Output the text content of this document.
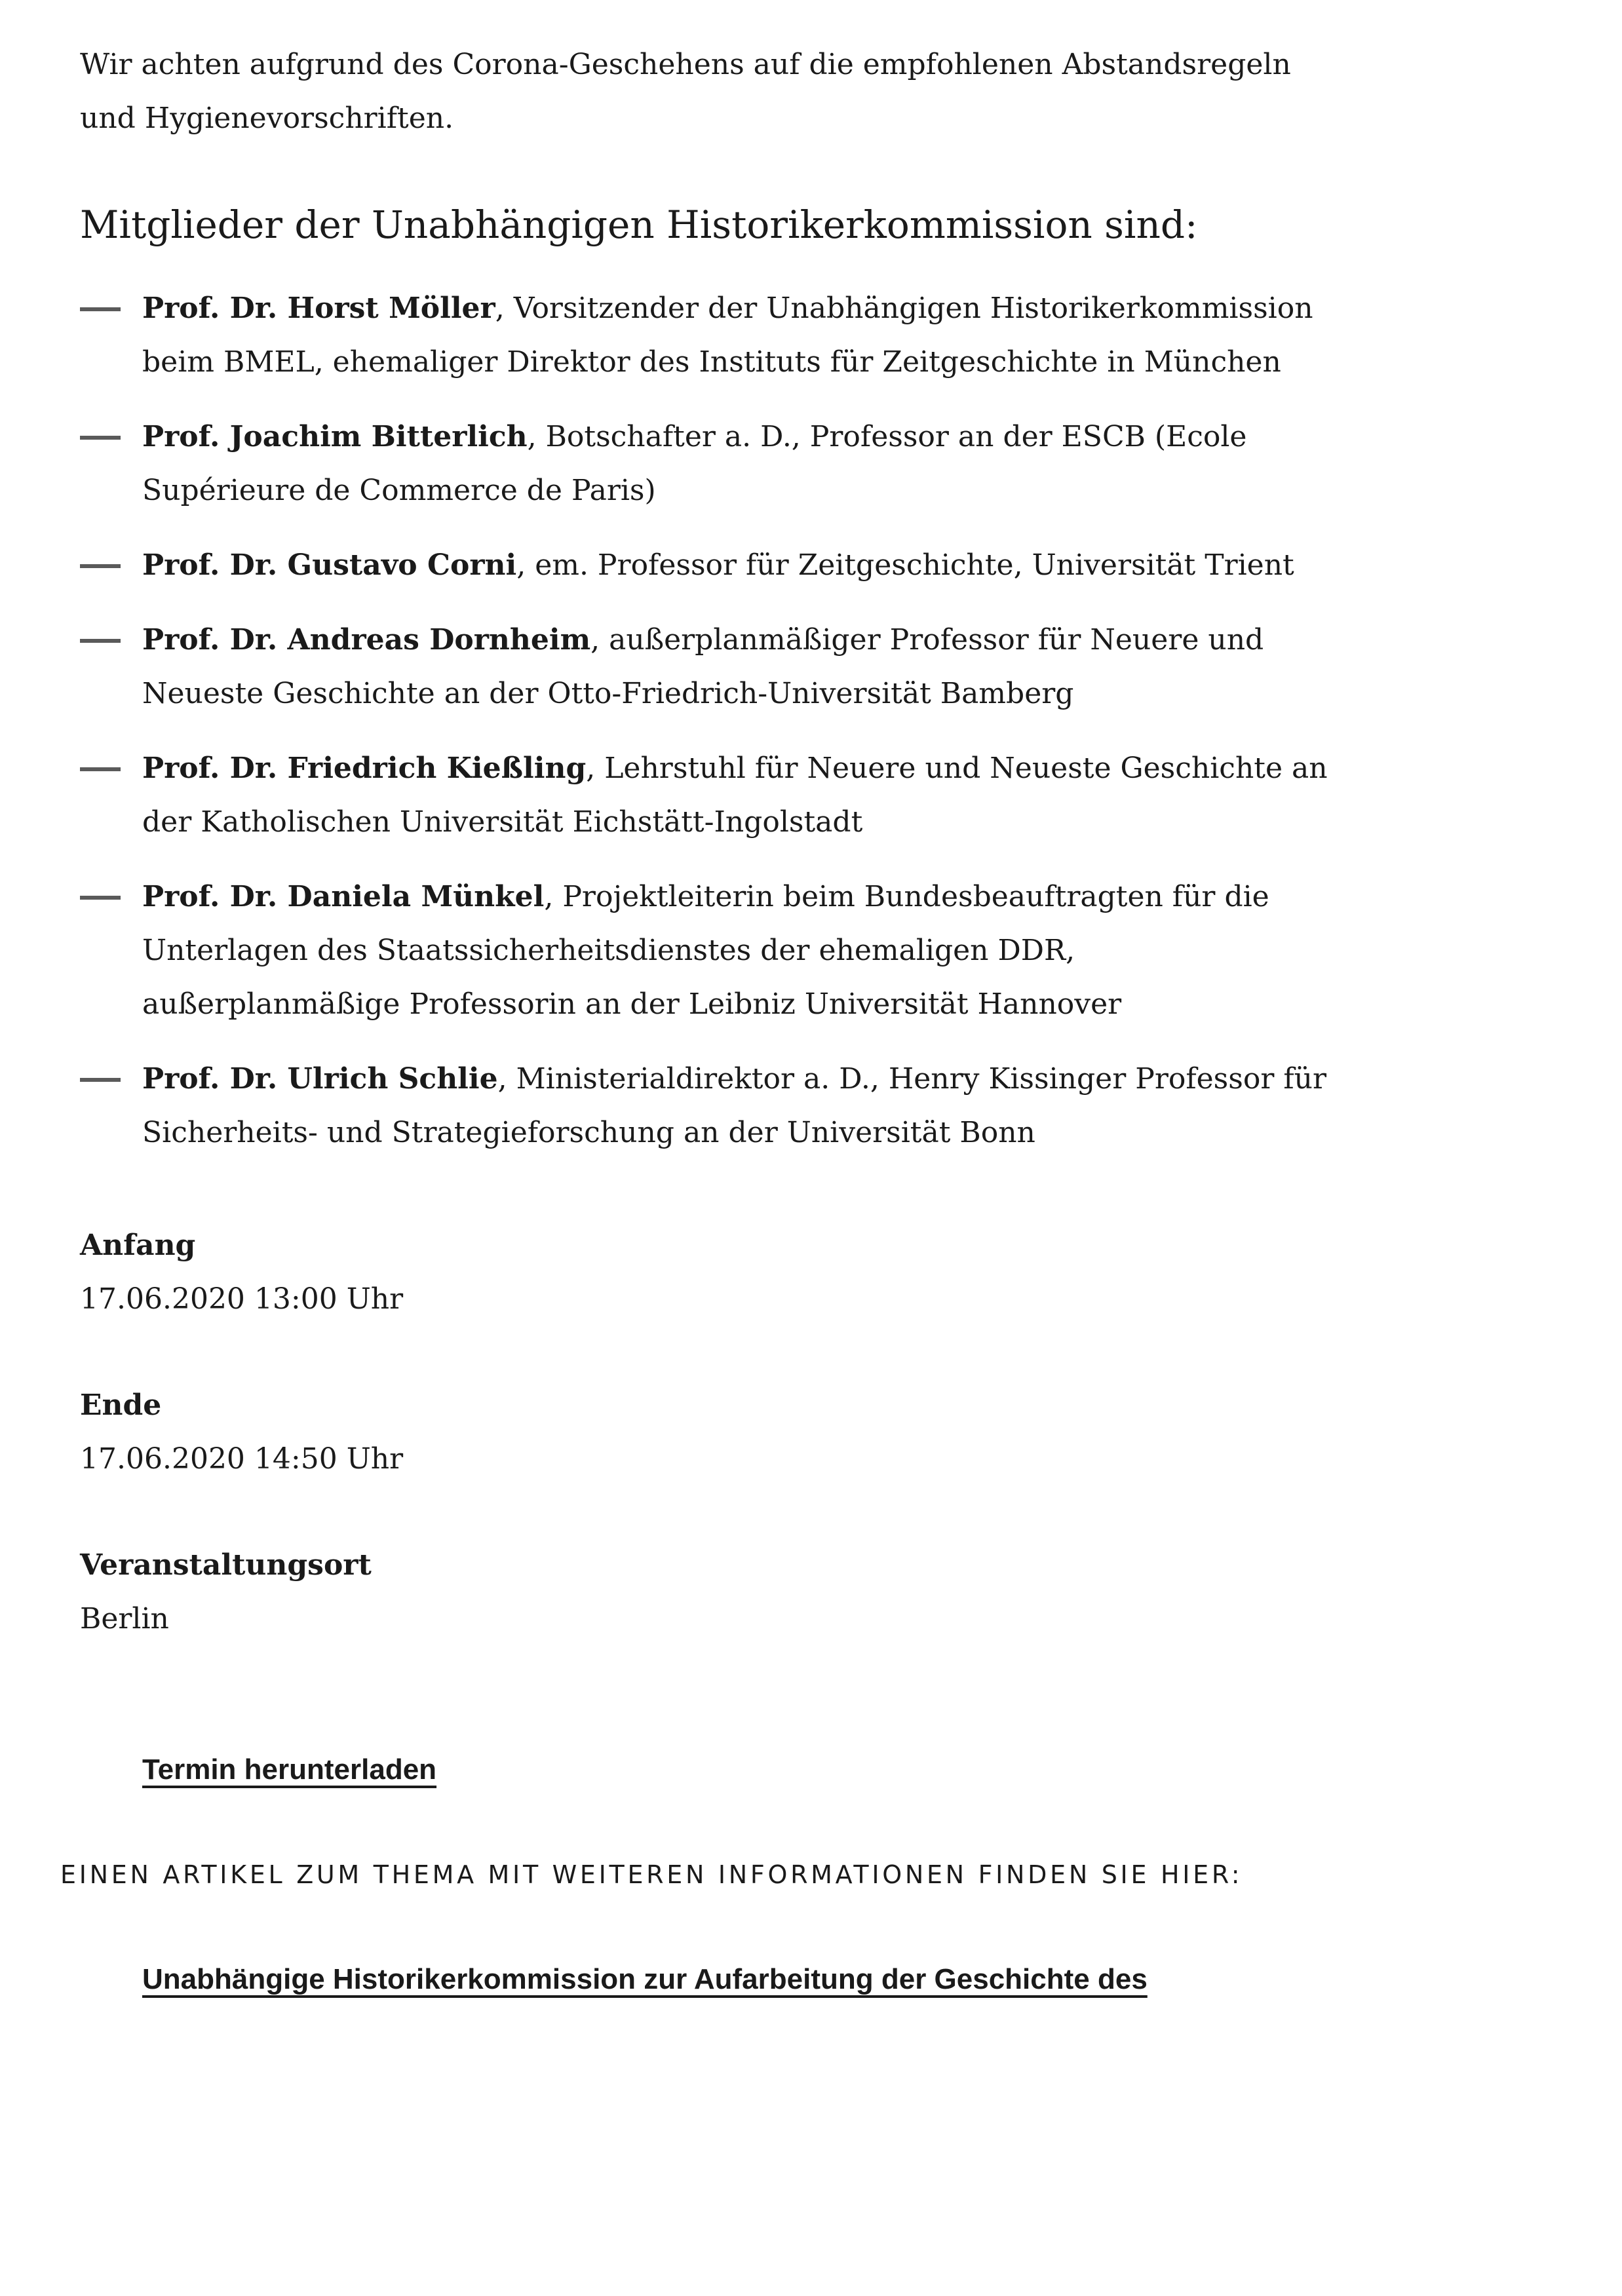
Wir achten aufgrund des Corona-Geschehens auf die empfohlenen Abstandsregeln und Hygienevorschriften.

Mitglieder der Unabhängigen Historikerkommission sind:
Prof. Dr. Horst Möller, Vorsitzender der Unabhängigen Historikerkommission beim BMEL, ehemaliger Direktor des Instituts für Zeitgeschichte in München
Prof. Joachim Bitterlich, Botschafter a. D., Professor an der ESCB (Ecole Supérieure de Commerce de Paris)
Prof. Dr. Gustavo Corni, em. Professor für Zeitgeschichte, Universität Trient
Prof. Dr. Andreas Dornheim, außerplanmäßiger Professor für Neuere und Neueste Geschichte an der Otto-Friedrich-Universität Bamberg
Prof. Dr. Friedrich Kießling, Lehrstuhl für Neuere und Neueste Geschichte an der Katholischen Universität Eichstätt-Ingolstadt
Prof. Dr. Daniela Münkel, Projektleiterin beim Bundesbeauftragten für die Unterlagen des Staatssicherheitsdienstes der ehemaligen DDR, außerplanmäßige Professorin an der Leibniz Universität Hannover
Prof. Dr. Ulrich Schlie, Ministerialdirektor a. D., Henry Kissinger Professor für Sicherheits- und Strategieforschung an der Universität Bonn
Anfang
17.06.2020 13:00 Uhr
Ende
17.06.2020 14:50 Uhr
Veranstaltungsort
Berlin
Termin herunterladen

EINEN ARTIKEL ZUM THEMA MIT WEITEREN INFORMATIONEN FINDEN SIE HIER:

Unabhängige Historikerkommission zur Aufarbeitung der Geschichte des
